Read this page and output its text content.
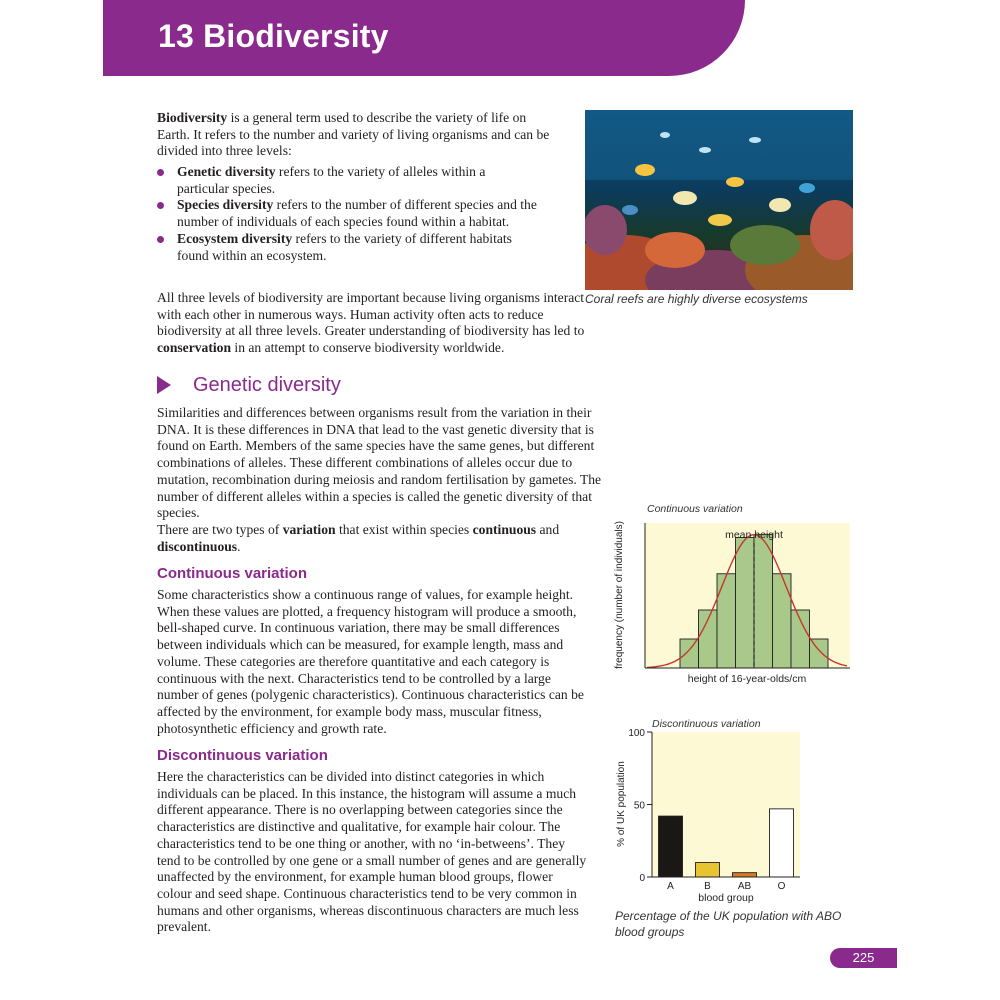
13 Biodiversity

Biodiversity is a general term used to describe the variety of life on Earth. It refers to the number and variety of living organisms and can be divided into three levels:

Genetic diversity refers to the variety of alleles within a particular species.
Species diversity refers to the number of different species and the number of individuals of each species found within a habitat.
Ecosystem diversity refers to the variety of different habitats found within an ecosystem.

All three levels of biodiversity are important because living organisms interact with each other in numerous ways. Human activity often acts to reduce biodiversity at all three levels. Greater understanding of biodiversity has led to conservation in an attempt to conserve biodiversity worldwide.

Coral reefs are highly diverse ecosystems

Genetic diversity

Similarities and differences between organisms result from the variation in their DNA. It is these differences in DNA that lead to the vast genetic diversity that is found on Earth. Members of the same species have the same genes, but different combinations of alleles. These different combinations of alleles occur due to mutation, recombination during meiosis and random fertilisation by gametes. The number of different alleles within a species is called the genetic diversity of that species.
There are two types of variation that exist within species continuous and discontinuous.

Continuous variation

Some characteristics show a continuous range of values, for example height. When these values are plotted, a frequency histogram will produce a smooth, bell-shaped curve. In continuous variation, there may be small differences between individuals which can be measured, for example length, mass and volume. These categories are therefore quantitative and each category is continuous with the next. Characteristics tend to be controlled by a large number of genes (polygenic characteristics). Continuous characteristics can be affected by the environment, for example body mass, muscular fitness, photosynthetic efficiency and growth rate.

Discontinuous variation

Here the characteristics can be divided into distinct categories in which individuals can be placed. In this instance, the histogram will assume a much different appearance. There is no overlapping between categories since the characteristics are distinctive and qualitative, for example hair colour. The characteristics tend to be one thing or another, with no ‘in-betweens’. They tend to be controlled by one gene or a small number of genes and are generally unaffected by the environment, for example human blood groups, flower colour and seed shape. Continuous characteristics tend to be very common in humans and other organisms, whereas discontinuous characters are much less prevalent.

Continuous variation
mean height
height of 16-year-olds/cm
frequency (number of individuals)
Discontinuous variation
A	B	AB	O
0
50
100
blood group
% of UK population

Percentage of the UK population with ABO blood groups

225
